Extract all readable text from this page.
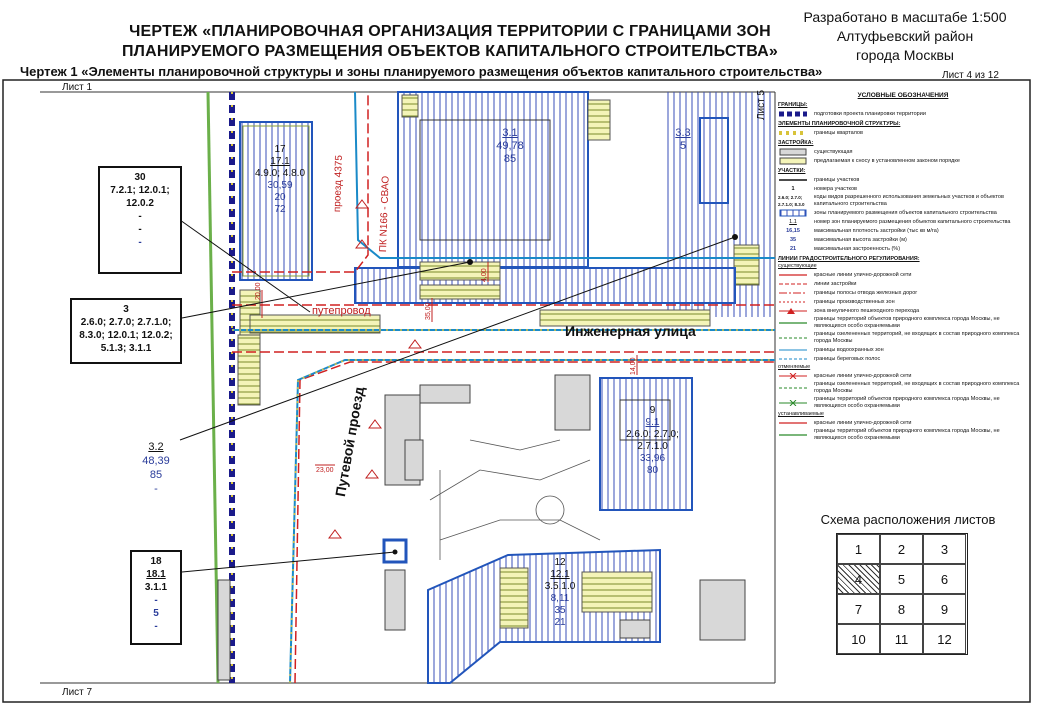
ЧЕРТЕЖ «ПЛАНИРОВОЧНАЯ ОРГАНИЗАЦИЯ ТЕРРИТОРИИ С ГРАНИЦАМИ ЗОН
ПЛАНИРУЕМОГО РАЗМЕЩЕНИЯ ОБЪЕКТОВ КАПИТАЛЬНОГО СТРОИТЕЛЬСТВА»
Разработано в масштабе 1:500
Алтуфьевский район
города Москвы
Чертеж 1 «Элементы планировочной структуры и зоны планируемого размещения объектов капитального строительства»	Лист 4 из 12
Лист 1
Лист 7
Лист 5
30
7.2.1; 12.0.1;
12.0.2
-
-
-
3
2.6.0; 2.7.0; 2.7.1.0;
8.3.0; 12.0.1; 12.0.2;
5.1.3; 3.1.1
3.2
48,39
85
-
18
18.1
3.1.1
-
5
-
17
17.1
4.9.0; 4.8.0
30,59
20
72
3.1
49,78
85
3.3
5
9
9.1
2.6.0; 2.7.0;
2.7.1.0
33,96
80
12
12.1
3.5.1.0
8,11
35
21
Инженерная улица
Путевой проезд
путепровод
проезд 4375	ПК N166 - СВАО
20,00
35,00
4,00
14,00
23,00
УСЛОВНЫЕ ОБОЗНАЧЕНИЯ
ГРАНИЦЫ:
подготовки проекта планировки территории
ЭЛЕМЕНТЫ ПЛАНИРОВОЧНОЙ СТРУКТУРЫ:
границы кварталов
ЗАСТРОЙКА:
существующая
предлагаемая к сносу в установленном законом порядке
УЧАСТКИ:
границы участков
1	номера участков
2.6.0; 2.7.0; 2.7.1.0; 8.3.0
коды видов разрешенного использования земельных участков и объектов капитального строительства
зоны планируемого размещения объектов капитального строительства
1.1	номер зон планируемого размещения объектов капитального строительства
16,15	максимальная плотность застройки (тыс кв м/га)
35	максимальная высота застройки (м)
21	максимальная застроенность (%)
ЛИНИИ ГРАДОСТРОИТЕЛЬНОГО РЕГУЛИРОВАНИЯ:
существующие
красные линии улично-дорожной сети
линии застройки
границы полосы отвода железных дорог
границы производственных зон
зона внеуличного пешеходного перехода
границы территорий объектов природного комплекса города Москвы, не являющихся особо охраняемыми
границы озелененных территорий, не входящих в состав природного комплекса города Москвы
границы водоохранных зон
границы береговых полос
отменяемые
красные линии улично-дорожной сети
границы озелененных территорий, не входящих в состав природного комплекса города Москвы
границы территорий объектов природного комплекса города Москвы, не являющихся особо охраняемыми
устанавливаемые
красные линии улично-дорожной сети
границы территорий объектов природного комплекса города Москвы, не являющихся особо охраняемыми
Схема расположения листов
1	2	3
4	5	6
7	8	9
10	11	12
